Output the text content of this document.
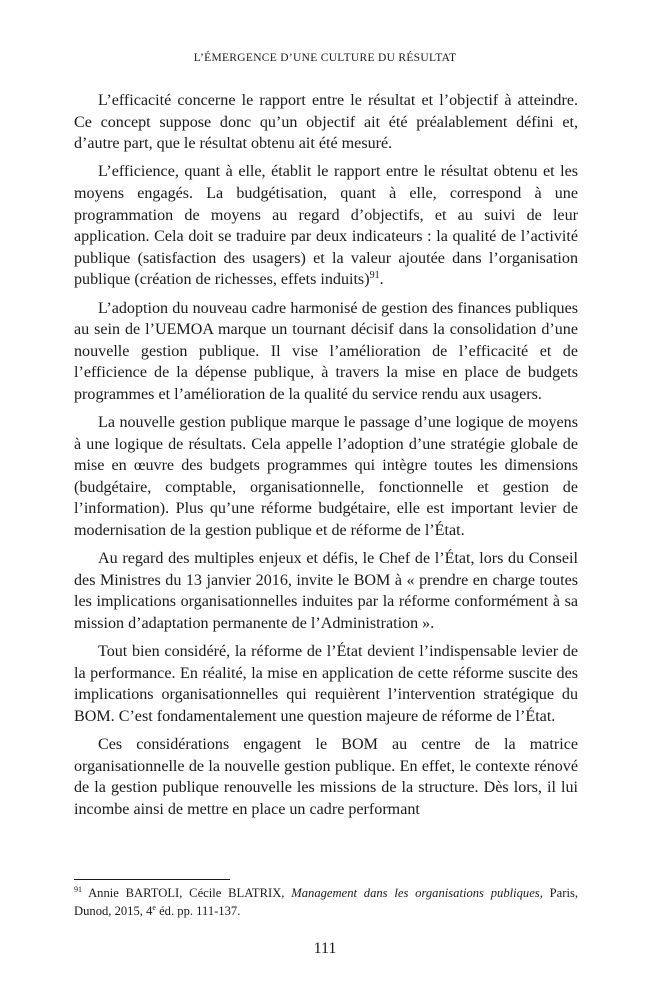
L’ÉMERGENCE D’UNE CULTURE DU RÉSULTAT

L’efficacité concerne le rapport entre le résultat et l’objectif à atteindre. Ce concept suppose donc qu’un objectif ait été préalablement défini et, d’autre part, que le résultat obtenu ait été mesuré.

L’efficience, quant à elle, établit le rapport entre le résultat obtenu et les moyens engagés. La budgétisation, quant à elle, correspond à une programmation de moyens au regard d’objectifs, et au suivi de leur application. Cela doit se traduire par deux indicateurs : la qualité de l’activité publique (satisfaction des usagers) et la valeur ajoutée dans l’organisation publique (création de richesses, effets induits)$^{91}$.

L’adoption du nouveau cadre harmonisé de gestion des finances publiques au sein de l’UEMOA marque un tournant décisif dans la consolidation d’une nouvelle gestion publique. Il vise l’amélioration de l’efficacité et de l’efficience de la dépense publique, à travers la mise en place de budgets programmes et l’amélioration de la qualité du service rendu aux usagers.

La nouvelle gestion publique marque le passage d’une logique de moyens à une logique de résultats. Cela appelle l’adoption d’une stratégie globale de mise en œuvre des budgets programmes qui intègre toutes les dimensions (budgétaire, comptable, organisationnelle, fonctionnelle et gestion de l’information). Plus qu’une réforme budgétaire, elle est important levier de modernisation de la gestion publique et de réforme de l’État.

Au regard des multiples enjeux et défis, le Chef de l’État, lors du Conseil des Ministres du 13 janvier 2016, invite le BOM à « prendre en charge toutes les implications organisationnelles induites par la réforme conformément à sa mission d’adaptation permanente de l’Administration ».

Tout bien considéré, la réforme de l’État devient l’indispensable levier de la performance. En réalité, la mise en application de cette réforme suscite des implications organisationnelles qui requièrent l’intervention stratégique du BOM. C’est fondamentalement une question majeure de réforme de l’État.

Ces considérations engagent le BOM au centre de la matrice organisationnelle de la nouvelle gestion publique. En effet, le contexte rénové de la gestion publique renouvelle les missions de la structure. Dès lors, il lui incombe ainsi de mettre en place un cadre performant

$^{91}$ Annie BARTOLI, Cécile BLATRIX, Management dans les organisations publiques, Paris, Dunod, 2015, 4e éd. pp. 111-137.
111
